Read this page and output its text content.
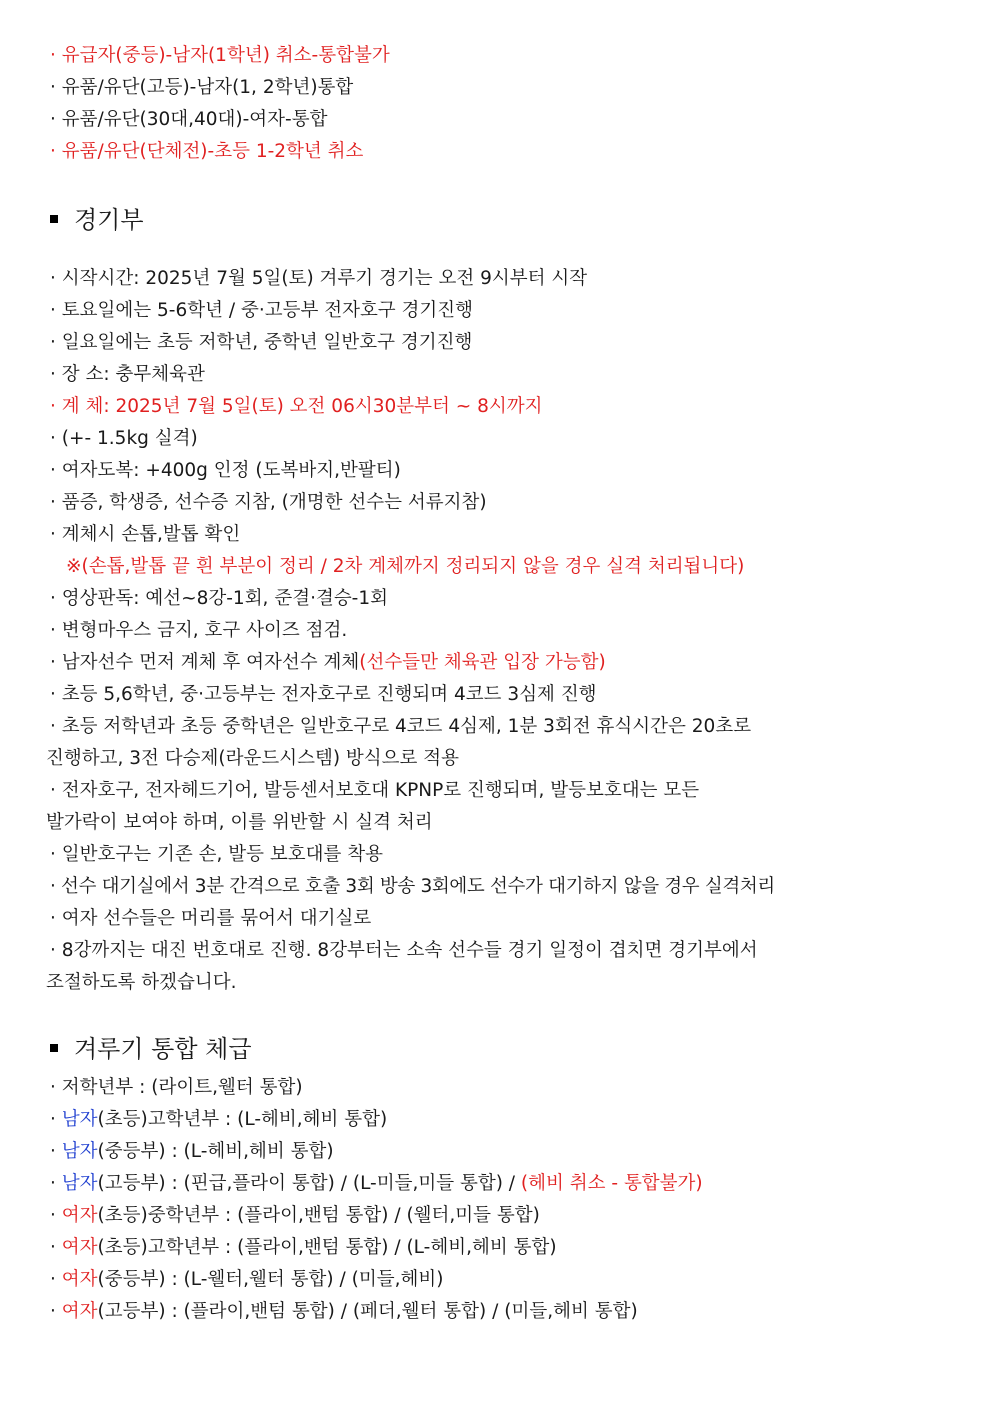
· 유급자(중등)-남자(1학년) 취소-통합불가
· 유품/유단(고등)-남자(1, 2학년)통합
· 유품/유단(30대,40대)-여자-통합
· 유품/유단(단체전)-초등 1-2학년 취소
경기부
· 시작시간: 2025년 7월 5일(토) 겨루기 경기는 오전 9시부터 시작
· 토요일에는 5-6학년 / 중·고등부 전자호구 경기진행
· 일요일에는 초등 저학년, 중학년 일반호구 경기진행
· 장 소: 충무체육관
· 계 체: 2025년 7월 5일(토) 오전 06시30분부터 ~ 8시까지
· (+- 1.5kg 실격)
· 여자도복: +400g 인정 (도복바지,반팔티)
· 품증, 학생증, 선수증 지참, (개명한 선수는 서류지참)
· 계체시 손톱,발톱 확인
※(손톱,발톱 끝 흰 부분이 정리 / 2차 계체까지 정리되지 않을 경우 실격 처리됩니다)
· 영상판독: 예선~8강-1회, 준결·결승-1회
· 변형마우스 금지, 호구 사이즈 점검.
· 남자선수 먼저 계체 후 여자선수 계체(선수들만 체육관 입장 가능함)
· 초등 5,6학년, 중·고등부는 전자호구로 진행되며 4코드 3심제 진행
· 초등 저학년과 초등 중학년은 일반호구로 4코드 4심제, 1분 3회전 휴식시간은 20초로
진행하고, 3전 다승제(라운드시스템) 방식으로 적용
· 전자호구, 전자헤드기어, 발등센서보호대 KPNP로 진행되며, 발등보호대는 모든
발가락이 보여야 하며, 이를 위반할 시 실격 처리
· 일반호구는 기존 손, 발등 보호대를 착용
· 선수 대기실에서 3분 간격으로 호출 3회 방송 3회에도 선수가 대기하지 않을 경우 실격처리
· 여자 선수들은 머리를 묶어서 대기실로
· 8강까지는 대진 번호대로 진행. 8강부터는 소속 선수들 경기 일정이 겹치면 경기부에서
조절하도록 하겠습니다.
겨루기 통합 체급
· 저학년부 : (라이트,웰터 통합)
· 남자(초등)고학년부 : (L-헤비,헤비 통합)
· 남자(중등부) : (L-헤비,헤비 통합)
· 남자(고등부) : (핀급,플라이 통합) / (L-미들,미들 통합) / (헤비 취소 - 통합불가)
· 여자(초등)중학년부 : (플라이,밴텀 통합) / (웰터,미들 통합)
· 여자(초등)고학년부 : (플라이,밴텀 통합) / (L-헤비,헤비 통합)
· 여자(중등부) : (L-웰터,웰터 통합) / (미들,헤비)
· 여자(고등부) : (플라이,밴텀 통합) / (페더,웰터 통합) / (미들,헤비 통합)
